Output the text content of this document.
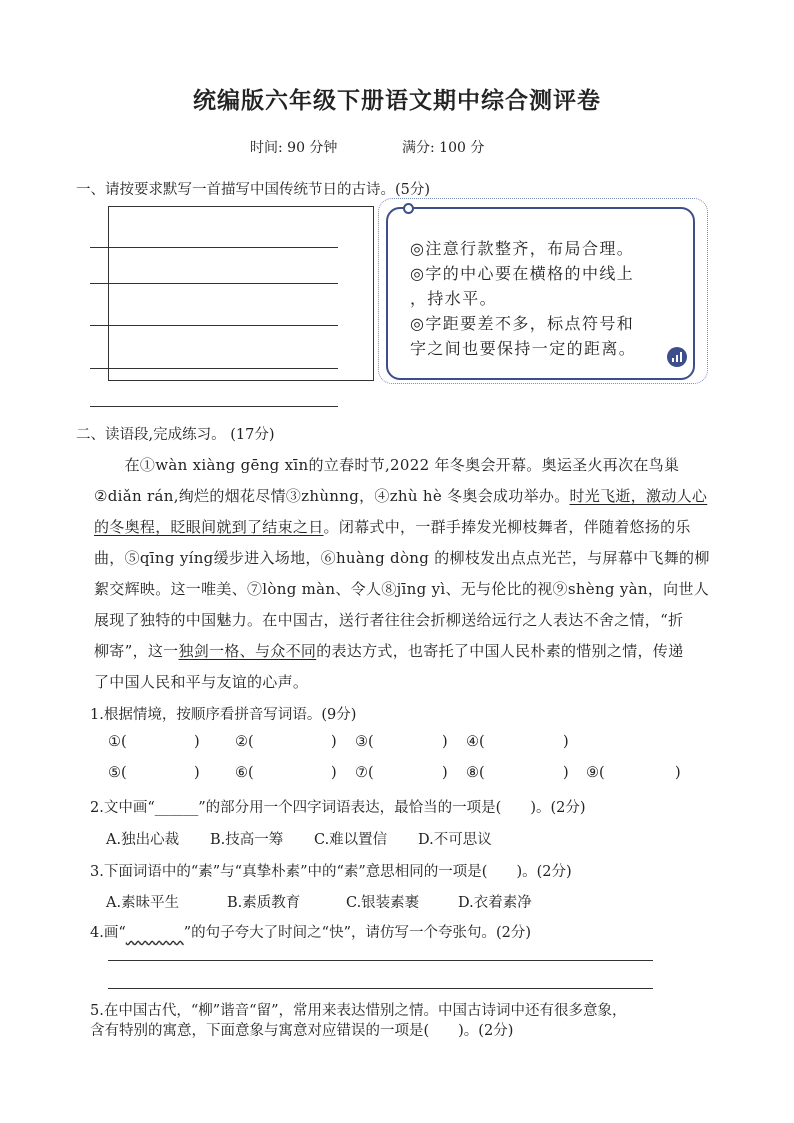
统编版六年级下册语文期中综合测评卷
时间: 90 分钟	满分: 100 分
一、请按要求默写一首描写中国传统节日的古诗。(5分)
◎注意行款整齐，布局合理。
◎字的中心要在横格的中线上
，持水平。
◎字距要差不多，标点符号和
字之间也要保持一定的距离。
二、读语段,完成练习。 (17分)
　　在①wàn xiàng gēng xīn的立春时节,2022 年冬奥会开幕。奥运圣火再次在鸟巢
②diǎn rán,绚烂的烟花尽情③zhùnng，④zhù hè 冬奥会成功举办。时光飞逝，激动人心
的冬奥程，眨眼间就到了结束之日。闭幕式中，一群手捧发光柳枝舞者，伴随着悠扬的乐
曲，⑤qīng yíng缓步进入场地，⑥huàng dòng 的柳枝发出点点光芒，与屏幕中飞舞的柳
絮交辉映。这一唯美、⑦lòng màn、令人⑧jīng yì、无与伦比的视⑨shèng yàn，向世人
展现了独特的中国魅力。在中国古，送行者往往会折柳送给远行之人表达不舍之情，“折
柳寄”，这一独剑一格、与众不同的表达方式，也寄托了中国人民朴素的惜别之情，传递
了中国人民和平与友谊的心声。
1.根据情境，按顺序看拼音写词语。(9分)
①(	) ②(	) ③(	) ④(	)
⑤(	) ⑥(	) ⑦(	) ⑧(	) ⑨(	)
2.文中画“______”的部分用一个四字词语表达，最恰当的一项是(　　)。(2分)
A.独出心裁 B.技高一筹 C.难以置信 D.不可思议
3.下面词语中的“素”与“真挚朴素”中的“素”意思相同的一项是(　　)。(2分)
A.素昧平生	B.素质教育	C.银装素裹	D.衣着素净
4.画“　　　　	”的句子夸大了时间之“快”，请仿写一个夸张句。(2分)
5.在中国古代，“柳”谐音“留”，常用来表达惜别之情。中国古诗词中还有很多意象，
含有特别的寓意，下面意象与寓意对应错误的一项是(　　)。(2分)
